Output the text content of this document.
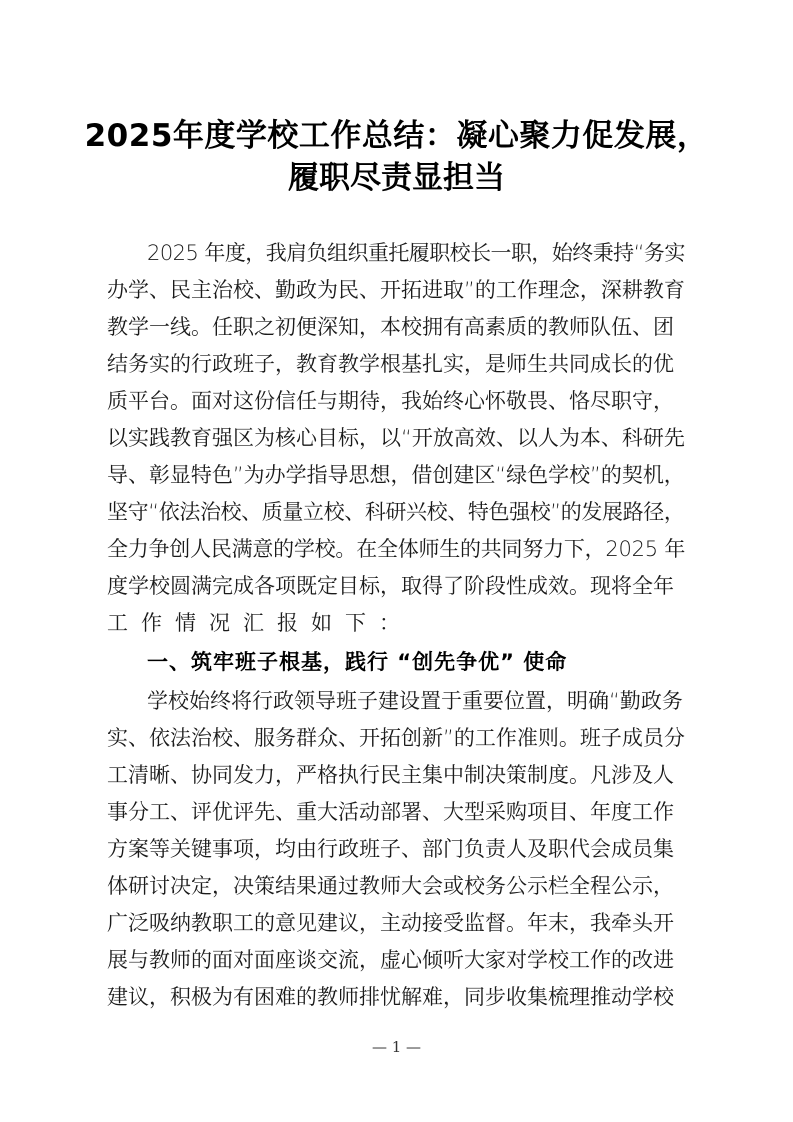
2025年度学校工作总结：凝心聚力促发展，
履职尽责显担当
2025 年度，我肩负组织重托履职校长一职，始终秉持“务实
办学、民主治校、勤政为民、开拓进取”的工作理念，深耕教育
教学一线。任职之初便深知，本校拥有高素质的教师队伍、团
结务实的行政班子，教育教学根基扎实，是师生共同成长的优
质平台。面对这份信任与期待，我始终心怀敬畏、恪尽职守，
以实践教育强区为核心目标，以“开放高效、以人为本、科研先
导、彰显特色”为办学指导思想，借创建区“绿色学校”的契机，
坚守“依法治校、质量立校、科研兴校、特色强校”的发展路径，
全力争创人民满意的学校。在全体师生的共同努力下，2025 年
度学校圆满完成各项既定目标，取得了阶段性成效。现将全年
工作情况汇报如下：
一、筑牢班子根基，践行 “创先争优” 使命
学校始终将行政领导班子建设置于重要位置，明确“勤政务
实、依法治校、服务群众、开拓创新”的工作准则。班子成员分
工清晰、协同发力，严格执行民主集中制决策制度。凡涉及人
事分工、评优评先、重大活动部署、大型采购项目、年度工作
方案等关键事项，均由行政班子、部门负责人及职代会成员集
体研讨决定，决策结果通过教师大会或校务公示栏全程公示，
广泛吸纳教职工的意见建议，主动接受监督。年末，我牵头开
展与教师的面对面座谈交流，虚心倾听大家对学校工作的改进
建议，积极为有困难的教师排忧解难，同步收集梳理推动学校
— 1 —
